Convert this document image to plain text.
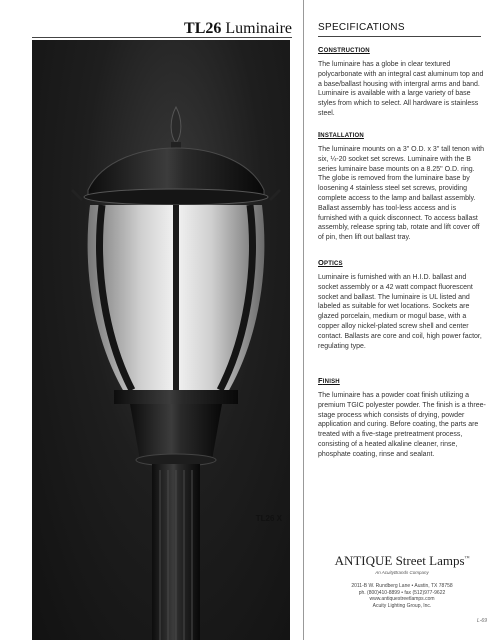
TL26 Luminaire
TL26 X
SPECIFICATIONS
CONSTRUCTION

The luminaire has a globe in clear textured polycarbonate with an integral cast aluminum top and a base/ballast housing with intergral arms and band. Luminaire is available with a large variety of base styles from which to select. All hardware is stainless steel.

INSTALLATION

The luminaire mounts on a 3" O.D. x 3" tall tenon with six, ¼-20 socket set screws. Luminaire with the B series luminaire base mounts on a 8.25" O.D. ring. The globe is removed from the luminaire base by loosening 4 stainless steel set screws, providing complete access to the lamp and ballast assembly. Ballast assembly has tool-less access and is furnished with a quick disconnect. To access ballast assembly, release spring tab, rotate and lift cover off of pin, then lift out ballast tray.

OPTICS

Luminaire is furnished with an H.I.D. ballast and socket assembly or a 42 watt compact fluorescent socket and ballast. The luminaire is UL listed and labeled as suitable for wet locations. Sockets are glazed porcelain, medium or mogul base, with a copper alloy nickel-plated screw shell and center contact. Ballasts are core and coil, high power factor, regulating type.

FINISH

The luminaire has a powder coat finish utilizing a premium TGIC polyester powder. The finish is a three-stage process which consists of drying, powder application and curing. Before coating, the parts are treated with a five-stage pretreatment process, consisting of a heated alkaline cleaner, rinse, phosphate coating, rinse and sealant.

ANTIQUE Street Lamps™
An AcuityBrands Company
2011-B W. Rundberg Lane • Austin, TX 78758
ph. (800)410-8899 • fax (512)977-9622
www.antiquestreetlamps.com
Acuity Lighting Group, Inc.
L-69
